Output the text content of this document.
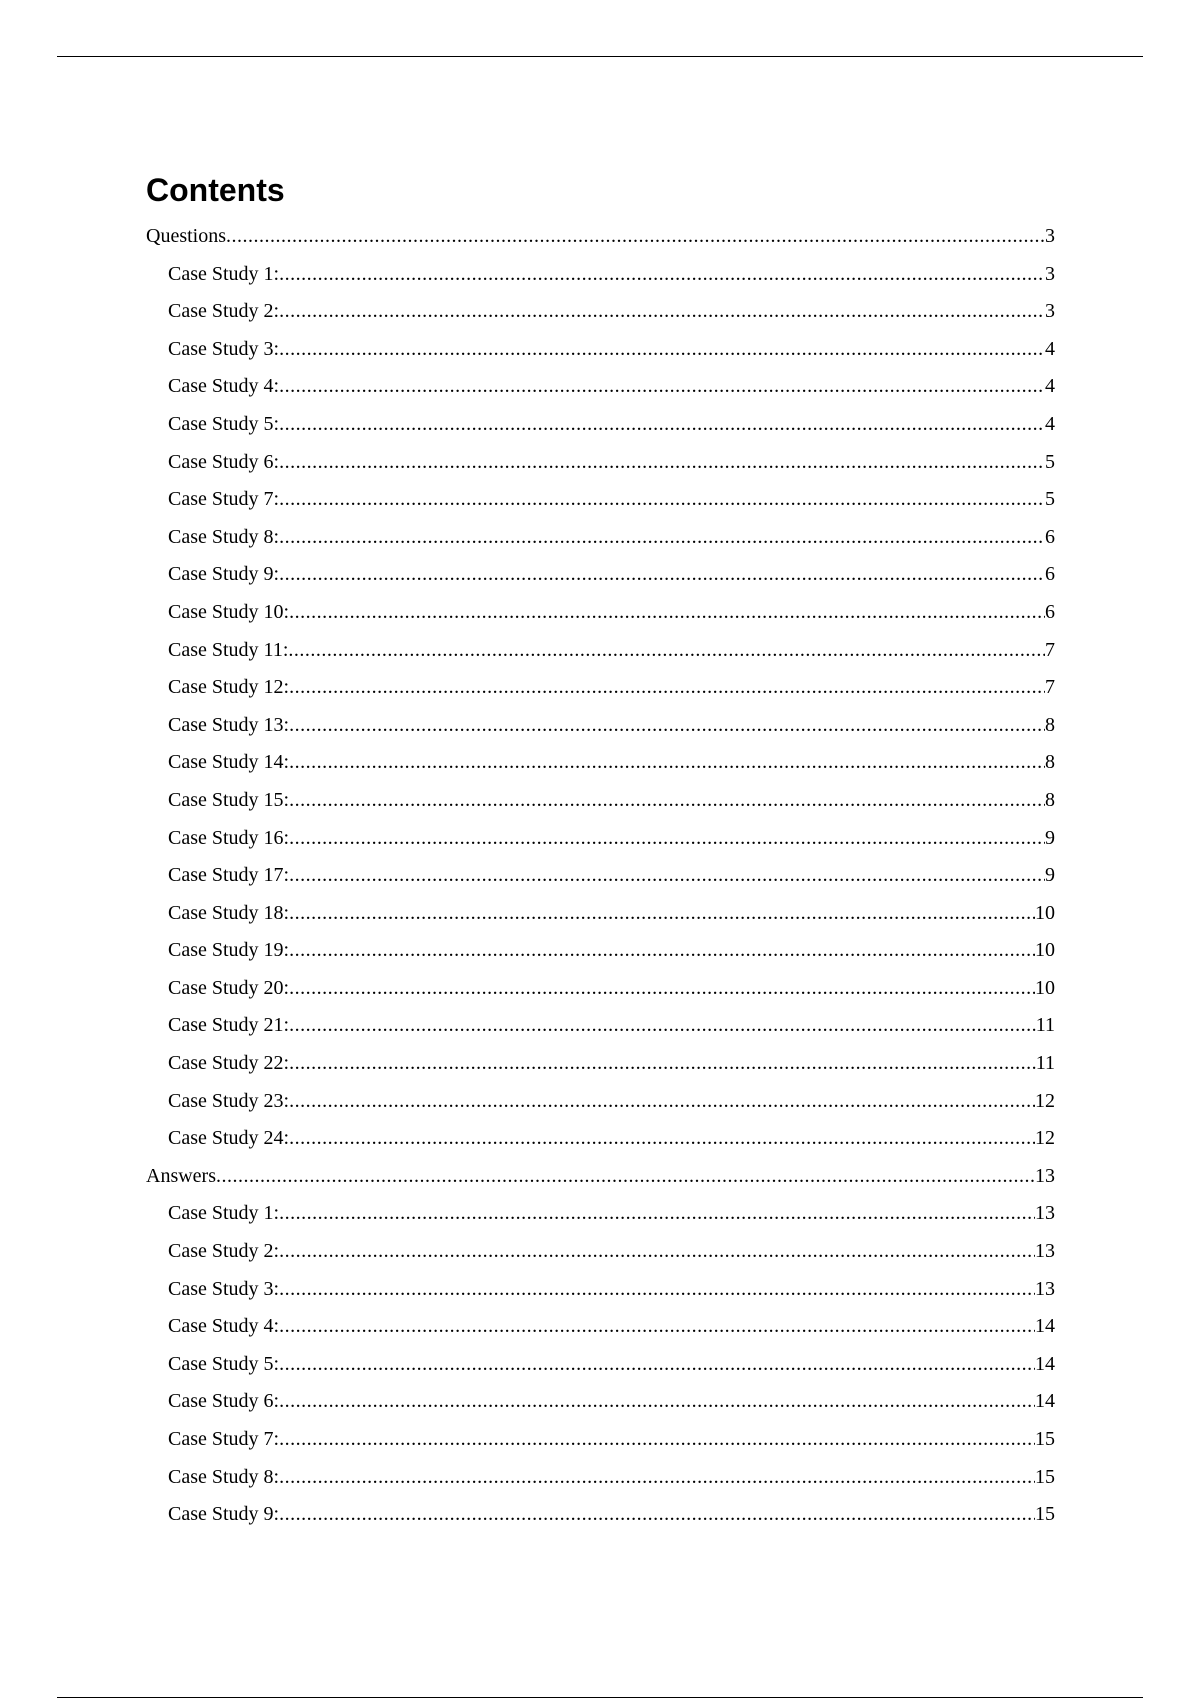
Contents
Questions .....	3
Case Study 1: .....	3
Case Study 2: .....	3
Case Study 3: .....	4
Case Study 4: .....	4
Case Study 5: .....	4
Case Study 6: .....	5
Case Study 7: .....	5
Case Study 8: .....	6
Case Study 9: .....	6
Case Study 10: .....	6
Case Study 11: .....	7
Case Study 12: .....	7
Case Study 13: .....	8
Case Study 14: .....	8
Case Study 15: .....	8
Case Study 16: .....	9
Case Study 17: .....	9
Case Study 18: .....	10
Case Study 19: .....	10
Case Study 20: .....	10
Case Study 21: .....	11
Case Study 22: .....	11
Case Study 23: .....	12
Case Study 24: .....	12
Answers .....	13
Case Study 1: .....	13
Case Study 2: .....	13
Case Study 3: .....	13
Case Study 4: .....	14
Case Study 5: .....	14
Case Study 6: .....	14
Case Study 7: .....	15
Case Study 8: .....	15
Case Study 9: .....	15
